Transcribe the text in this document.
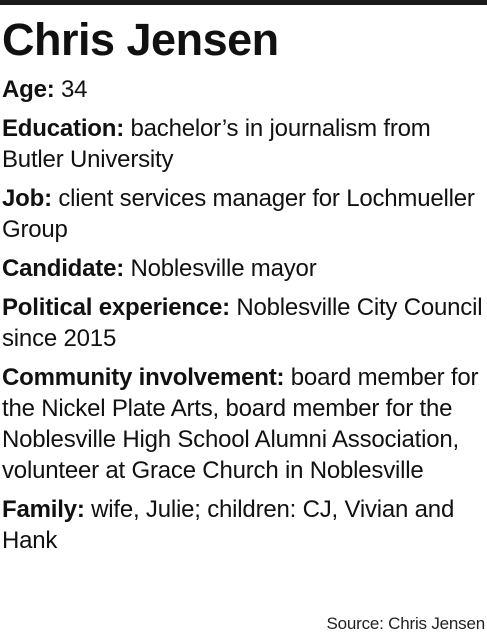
Chris Jensen

Age: 34

Education: bachelor’s in journalism from Butler University

Job: client services manager for Lochmueller Group

Candidate: Noblesville mayor

Political experience: Noblesville City Council since 2015

Community involvement: board member for the Nickel Plate Arts, board member for the Noblesville High School Alumni Association, volunteer at Grace Church in Noblesville

Family: wife, Julie; children: CJ, Vivian and Hank

Source: Chris Jensen
